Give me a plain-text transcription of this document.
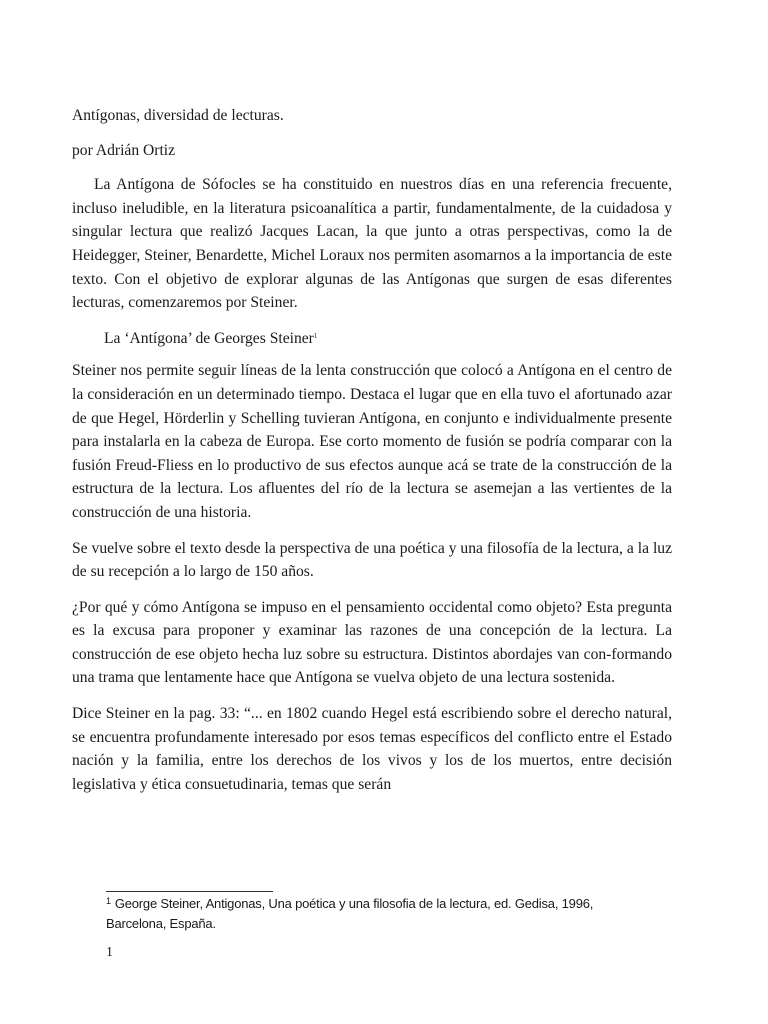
Antígonas, diversidad de lecturas.

por Adrián Ortiz

La Antígona de Sófocles se ha constituido en nuestros días en una referencia frecuente, incluso ineludible, en la literatura psicoanalítica a partir, fundamentalmente, de la cuidadosa y singular lectura que realizó Jacques Lacan, la que junto a otras perspectivas, como la de Heidegger, Steiner, Benardette, Michel Loraux nos permiten asomarnos a la importancia de este texto. Con el objetivo de explorar algunas de las Antígonas que surgen de esas diferentes lecturas, comenzaremos por Steiner.

La ‘Antígona’ de Georges Steiner$^1$

Steiner nos permite seguir líneas de la lenta construcción que colocó a Antígona en el centro de la consideración en un determinado tiempo. Destaca el lugar que en ella tuvo el afortunado azar de que Hegel, Hörderlin y Schelling tuvieran Antígona, en conjunto e individualmente presente para instalarla en la cabeza de Europa. Ese corto momento de fusión se podría comparar con la fusión Freud-Fliess en lo productivo de sus efectos aunque acá se trate de la construcción de la estructura de la lectura. Los afluentes del río de la lectura se asemejan a las vertientes de la construcción de una historia.

Se vuelve sobre el texto desde la perspectiva de una poética y una filosofía de la lectura, a la luz de su recepción a lo largo de 150 años.

¿Por qué y cómo Antígona se impuso en el pensamiento occidental como objeto? Esta pregunta es la excusa para proponer y examinar las razones de una concepción de la lectura. La construcción de ese objeto hecha luz sobre su estructura. Distintos abordajes van con-formando una trama que lentamente hace que Antígona se vuelva objeto de una lectura sostenida.

Dice Steiner en la pag. 33: “... en 1802 cuando Hegel está escribiendo sobre el derecho natural, se encuentra profundamente interesado por esos temas específicos del conflicto entre el Estado nación y la familia, entre los derechos de los vivos y los de los muertos, entre decisión legislativa y ética consuetudinaria, temas que serán

$^1$ George Steiner, Antigonas, Una poética y una filosofia de la lectura, ed. Gedisa, 1996, Barcelona, España.
1
